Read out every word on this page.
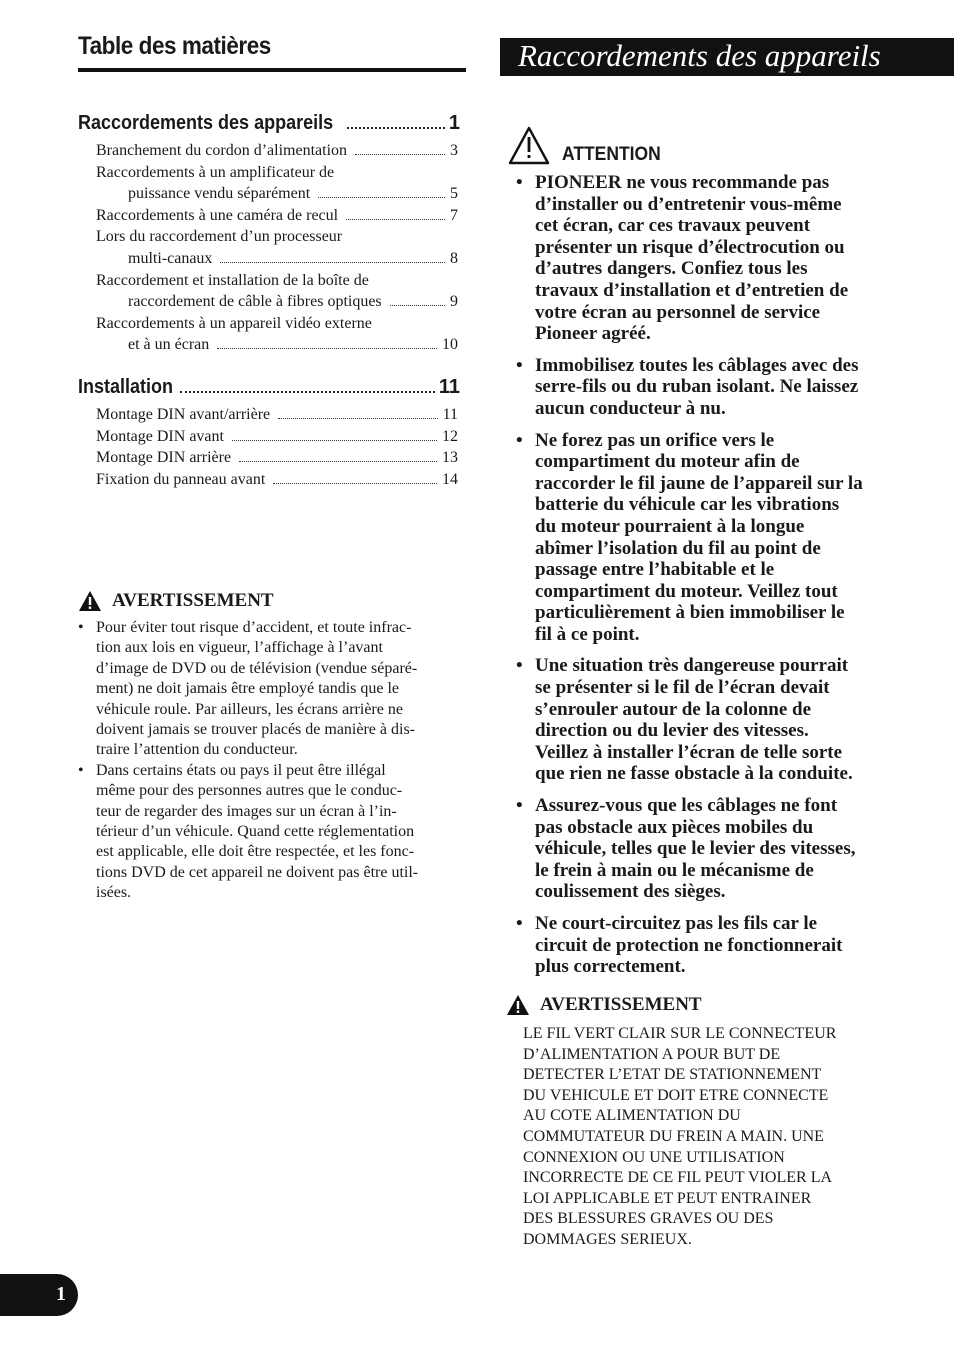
Table des matières
Raccordements des appareils	1
Branchement du cordon d’alimentation	3
Raccordements à un amplificateur de
puissance vendu séparément	5
Raccordements à une caméra de recul	7
Lors du raccordement d’un processeur
multi-canaux	8
Raccordement et installation de la boîte de
raccordement de câble à fibres optiques	9
Raccordements à un appareil vidéo externe
et à un écran	10
Installation	11
Montage DIN avant/arrière	11
Montage DIN avant	12
Montage DIN arrière	13
Fixation du panneau avant	14
AVERTISSEMENT
• Pour éviter tout risque d’accident, et toute infrac-
tion aux lois en vigueur, l’affichage à l’avant
d’image de DVD ou de télévision (vendue séparé-
ment) ne doit jamais être employé tandis que le
véhicule roule. Par ailleurs, les écrans arrière ne
doivent jamais se trouver placés de manière à dis-
traire l’attention du conducteur.
• Dans certains états ou pays il peut être illégal
même pour des personnes autres que le conduc-
teur de regarder des images sur un écran à l’in-
térieur d’un véhicule. Quand cette réglementation
est applicable, elle doit être respectée, et les fonc-
tions DVD de cet appareil ne doivent pas être util-
isées.
Raccordements des appareils
ATTENTION
• PIONEER ne vous recommande pas
d’installer ou d’entretenir vous-même
cet écran, car ces travaux peuvent
présenter un risque d’électrocution ou
d’autres dangers. Confiez tous les
travaux d’installation et d’entretien de
votre écran au personnel de service
Pioneer agréé.
• Immobilisez toutes les câblages avec des
serre-fils ou du ruban isolant. Ne laissez
aucun conducteur à nu.
• Ne forez pas un orifice vers le
compartiment du moteur afin de
raccorder le fil jaune de l’appareil sur la
batterie du véhicule car les vibrations
du moteur pourraient à la longue
abîmer l’isolation du fil au point de
passage entre l’habitable et le
compartiment du moteur. Veillez tout
particulièrement à bien immobiliser le
fil à ce point.
• Une situation très dangereuse pourrait
se présenter si le fil de l’écran devait
s’enrouler autour de la colonne de
direction ou du levier des vitesses.
Veillez à installer l’écran de telle sorte
que rien ne fasse obstacle à la conduite.
• Assurez-vous que les câblages ne font
pas obstacle aux pièces mobiles du
véhicule, telles que le levier des vitesses,
le frein à main ou le mécanisme de
coulissement des sièges.
• Ne court-circuitez pas les fils car le
circuit de protection ne fonctionnerait
plus correctement.
AVERTISSEMENT
LE FIL VERT CLAIR SUR LE CONNECTEUR
D’ALIMENTATION A POUR BUT DE
DETECTER L’ETAT DE STATIONNEMENT
DU VEHICULE ET DOIT ETRE CONNECTE
AU COTE ALIMENTATION DU
COMMUTATEUR DU FREIN A MAIN. UNE
CONNEXION OU UNE UTILISATION
INCORRECTE DE CE FIL PEUT VIOLER LA
LOI APPLICABLE ET PEUT ENTRAINER
DES BLESSURES GRAVES OU DES
DOMMAGES SERIEUX.
1
